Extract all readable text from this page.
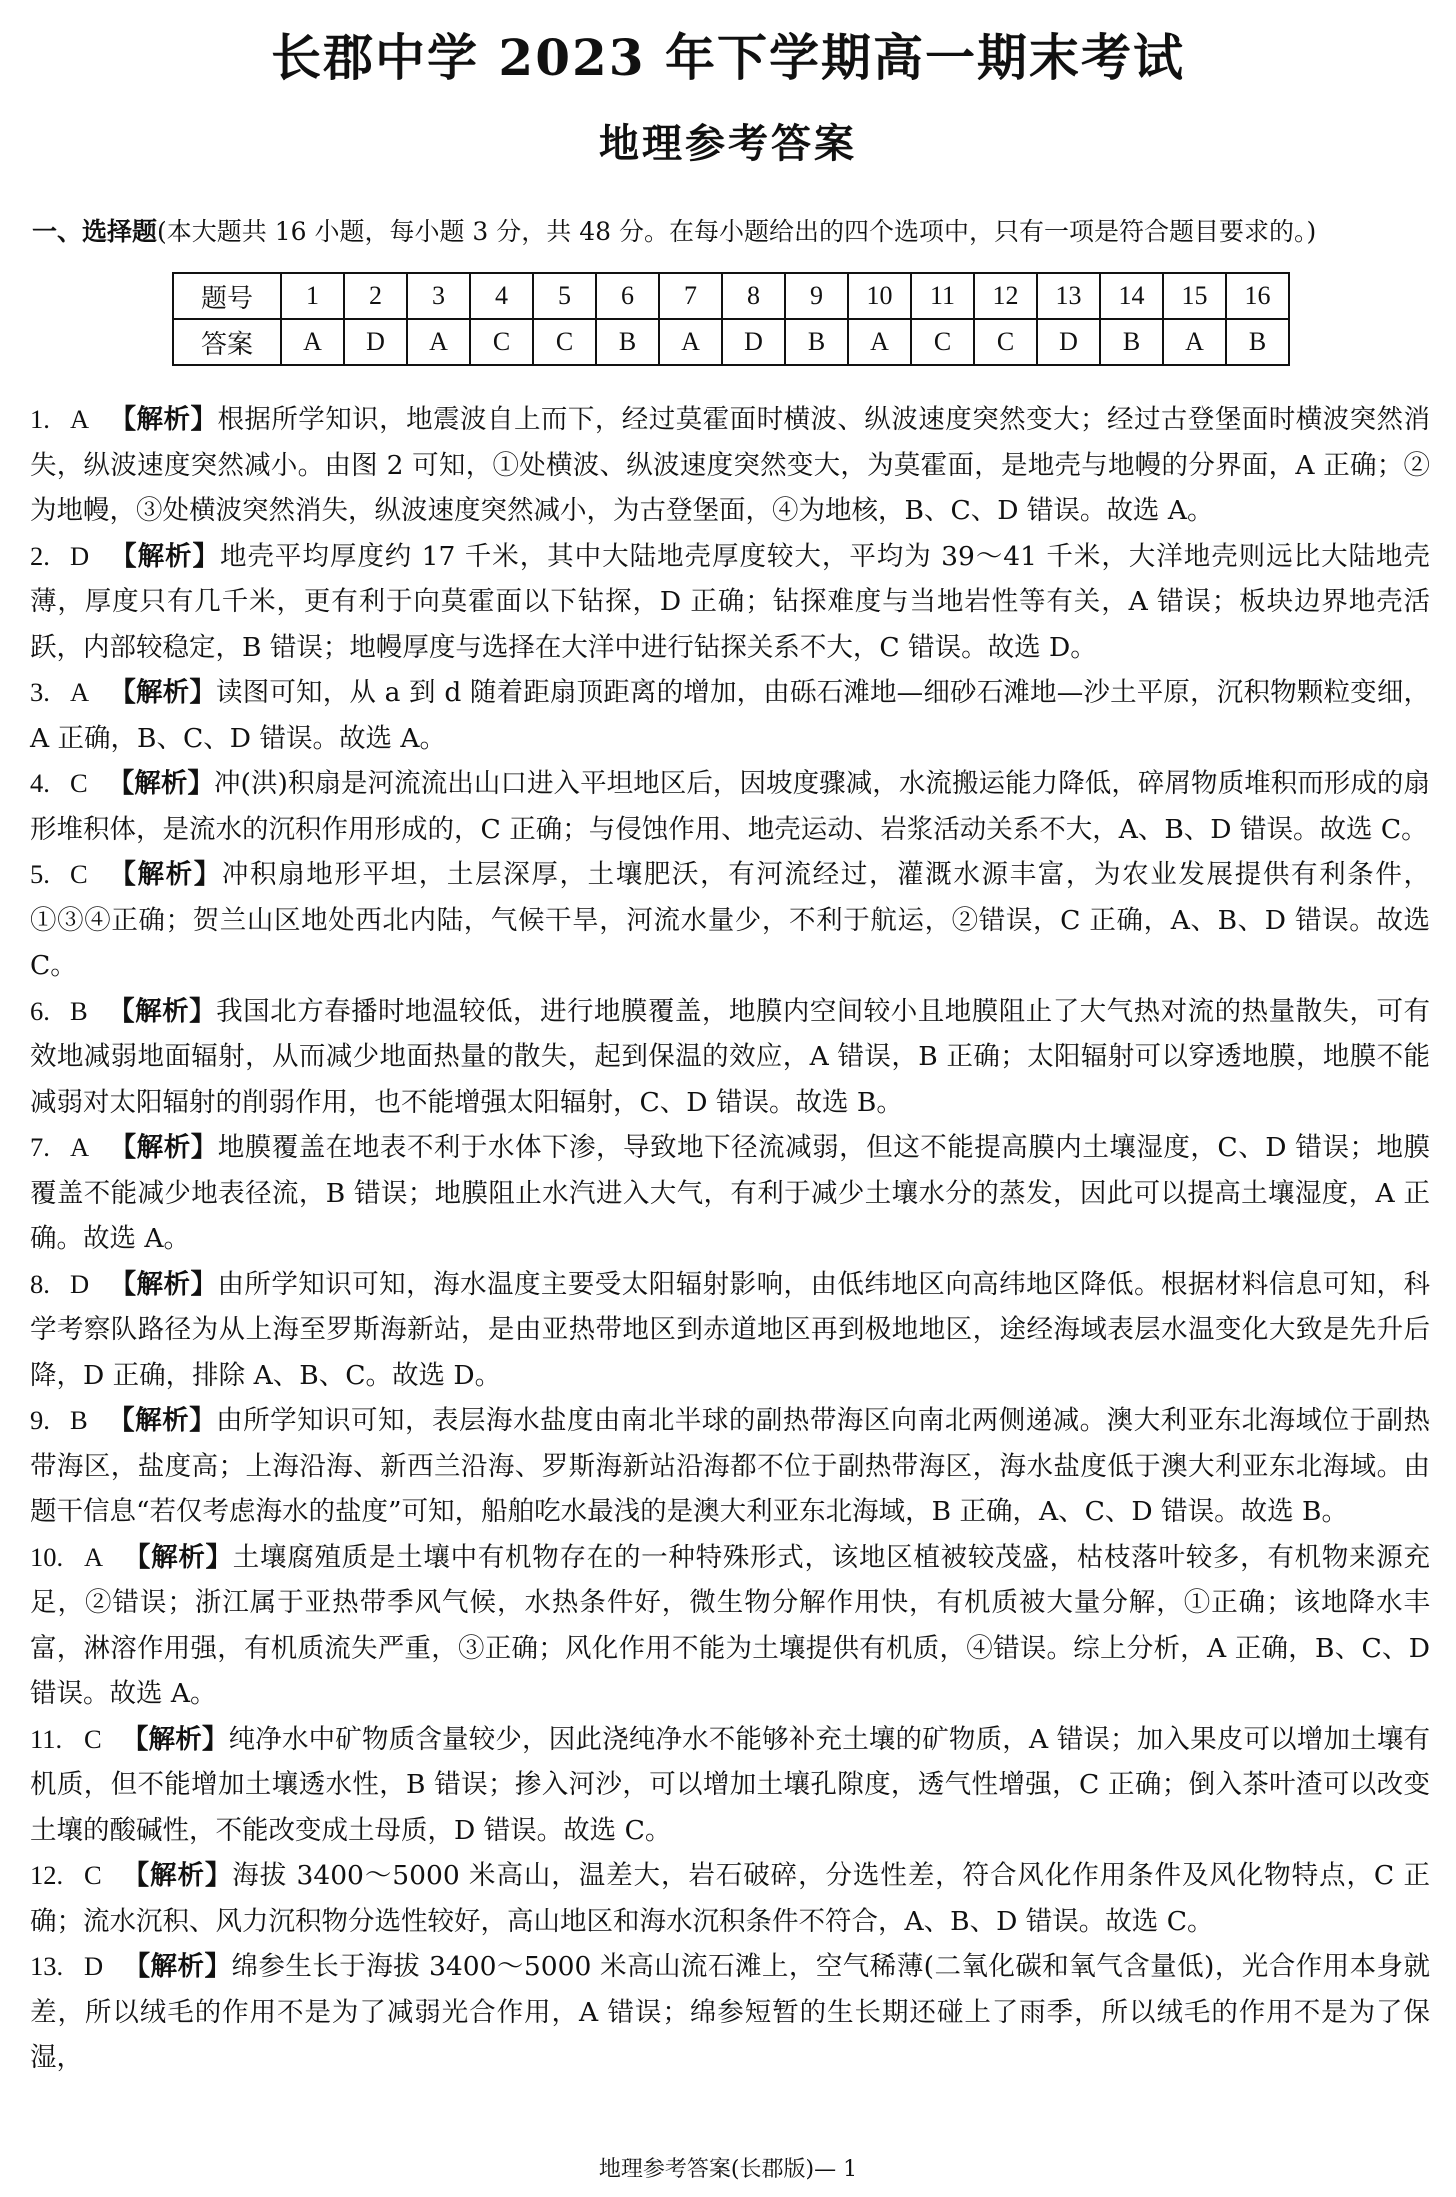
长郡中学 2023 年下学期高一期末考试
地理参考答案
一、选择题(本大题共 16 小题，每小题 3 分，共 48 分。在每小题给出的四个选项中，只有一项是符合题目要求的。)
题号	1	2	3	4	5	6	7	8	9	10	11	12	13	14	15	16
答案	A	D	A	C	C	B	A	D	B	A	C	C	D	B	A	B
1. A 【解析】根据所学知识，地震波自上而下，经过莫霍面时横波、纵波速度突然变大；经过古登堡面时横波突然消失，纵波速度突然减小。由图 2 可知，①处横波、纵波速度突然变大，为莫霍面，是地壳与地幔的分界面，A 正确；②为地幔，③处横波突然消失，纵波速度突然减小，为古登堡面，④为地核，B、C、D 错误。故选 A。
2. D 【解析】地壳平均厚度约 17 千米，其中大陆地壳厚度较大，平均为 39～41 千米，大洋地壳则远比大陆地壳薄，厚度只有几千米，更有利于向莫霍面以下钻探，D 正确；钻探难度与当地岩性等有关，A 错误；板块边界地壳活跃，内部较稳定，B 错误；地幔厚度与选择在大洋中进行钻探关系不大，C 错误。故选 D。
3. A 【解析】读图可知，从 a 到 d 随着距扇顶距离的增加，由砾石滩地—细砂石滩地—沙土平原，沉积物颗粒变细，A 正确，B、C、D 错误。故选 A。
4. C 【解析】冲(洪)积扇是河流流出山口进入平坦地区后，因坡度骤减，水流搬运能力降低，碎屑物质堆积而形成的扇形堆积体，是流水的沉积作用形成的，C 正确；与侵蚀作用、地壳运动、岩浆活动关系不大，A、B、D 错误。故选 C。
5. C 【解析】冲积扇地形平坦，土层深厚，土壤肥沃，有河流经过，灌溉水源丰富，为农业发展提供有利条件，①③④正确；贺兰山区地处西北内陆，气候干旱，河流水量少，不利于航运，②错误，C 正确，A、B、D 错误。故选 C。
6. B 【解析】我国北方春播时地温较低，进行地膜覆盖，地膜内空间较小且地膜阻止了大气热对流的热量散失，可有效地减弱地面辐射，从而减少地面热量的散失，起到保温的效应，A 错误，B 正确；太阳辐射可以穿透地膜，地膜不能减弱对太阳辐射的削弱作用，也不能增强太阳辐射，C、D 错误。故选 B。
7. A 【解析】地膜覆盖在地表不利于水体下渗，导致地下径流减弱，但这不能提高膜内土壤湿度，C、D 错误；地膜覆盖不能减少地表径流，B 错误；地膜阻止水汽进入大气，有利于减少土壤水分的蒸发，因此可以提高土壤湿度，A 正确。故选 A。
8. D 【解析】由所学知识可知，海水温度主要受太阳辐射影响，由低纬地区向高纬地区降低。根据材料信息可知，科学考察队路径为从上海至罗斯海新站，是由亚热带地区到赤道地区再到极地地区，途经海域表层水温变化大致是先升后降，D 正确，排除 A、B、C。故选 D。
9. B 【解析】由所学知识可知，表层海水盐度由南北半球的副热带海区向南北两侧递减。澳大利亚东北海域位于副热带海区，盐度高；上海沿海、新西兰沿海、罗斯海新站沿海都不位于副热带海区，海水盐度低于澳大利亚东北海域。由题干信息“若仅考虑海水的盐度”可知，船舶吃水最浅的是澳大利亚东北海域，B 正确，A、C、D 错误。故选 B。
10. A 【解析】土壤腐殖质是土壤中有机物存在的一种特殊形式，该地区植被较茂盛，枯枝落叶较多，有机物来源充足，②错误；浙江属于亚热带季风气候，水热条件好，微生物分解作用快，有机质被大量分解，①正确；该地降水丰富，淋溶作用强，有机质流失严重，③正确；风化作用不能为土壤提供有机质，④错误。综上分析，A 正确，B、C、D 错误。故选 A。
11. C 【解析】纯净水中矿物质含量较少，因此浇纯净水不能够补充土壤的矿物质，A 错误；加入果皮可以增加土壤有机质，但不能增加土壤透水性，B 错误；掺入河沙，可以增加土壤孔隙度，透气性增强，C 正确；倒入茶叶渣可以改变土壤的酸碱性，不能改变成土母质，D 错误。故选 C。
12. C 【解析】海拔 3400～5000 米高山，温差大，岩石破碎，分选性差，符合风化作用条件及风化物特点，C 正确；流水沉积、风力沉积物分选性较好，高山地区和海水沉积条件不符合，A、B、D 错误。故选 C。
13. D 【解析】绵参生长于海拔 3400～5000 米高山流石滩上，空气稀薄(二氧化碳和氧气含量低)，光合作用本身就差，所以绒毛的作用不是为了减弱光合作用，A 错误；绵参短暂的生长期还碰上了雨季，所以绒毛的作用不是为了保湿，
地理参考答案(长郡版)— 1
